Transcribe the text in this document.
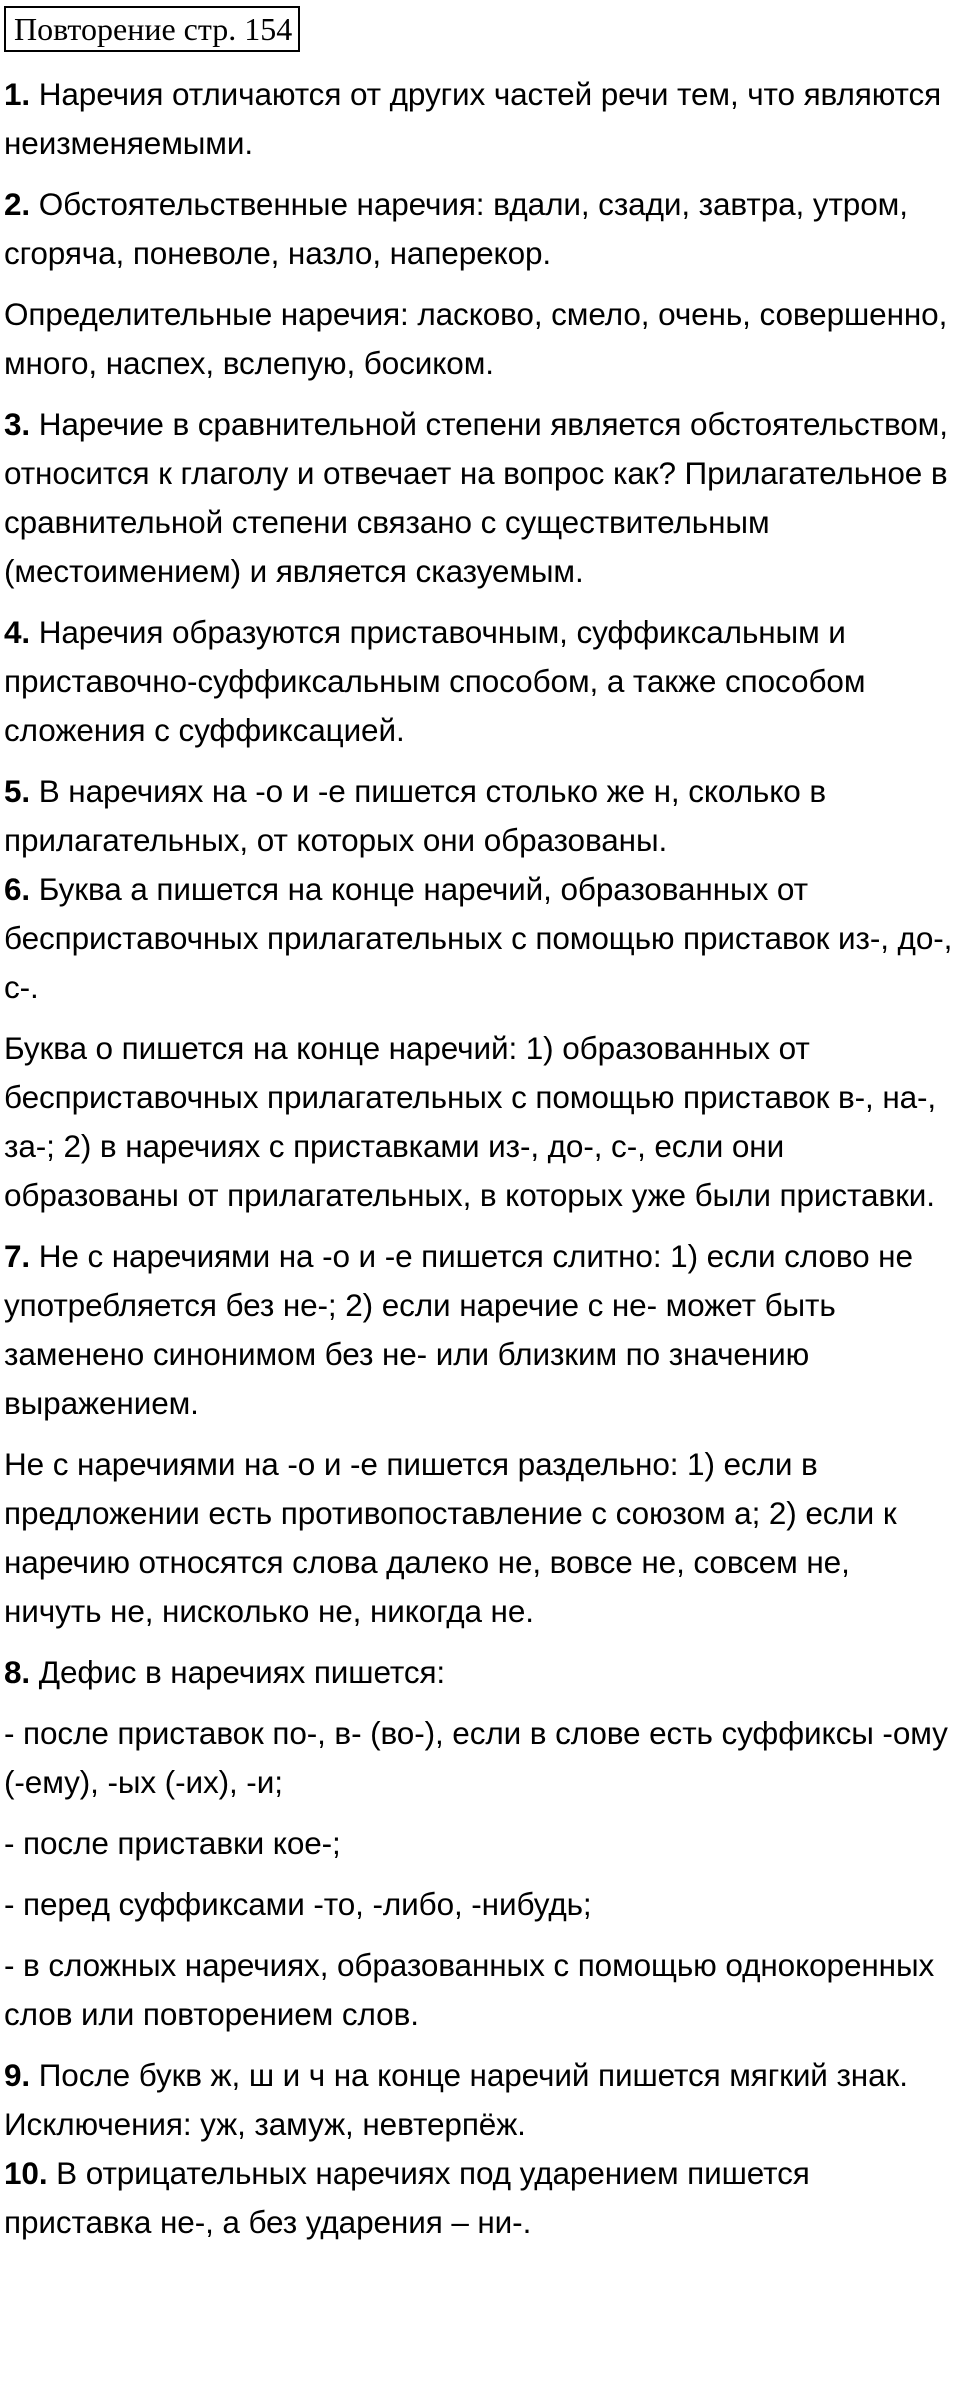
Повторение стр. 154

1. Наречия отличаются от других частей речи тем, что являются неизменяемыми.

2. Обстоятельственные наречия: вдали, сзади, завтра, утром, сгоряча, поневоле, назло, наперекор.

Определительные наречия: ласково, смело, очень, совершенно, много, наспех, вслепую, босиком.

3. Наречие в сравнительной степени является обстоятельством, относится к глаголу и отвечает на вопрос как? Прилагательное в сравнительной степени связано с существительным (местоимением) и является сказуемым.

4. Наречия образуются приставочным, суффиксальным и приставочно-суффиксальным способом, а также способом сложения с суффиксацией.

5. В наречиях на -о и -е пишется столько же н, сколько в прилагательных, от которых они образованы.

6. Буква а пишется на конце наречий, образованных от бесприставочных прилагательных с помощью приставок из-, до-, с-.

Буква о пишется на конце наречий: 1) образованных от бесприставочных прилагательных с помощью приставок в-, на-, за-; 2) в наречиях с приставками из-, до-, с-, если они образованы от прилагательных, в которых уже были приставки.

7. Не с наречиями на -о и -е пишется слитно: 1) если слово не употребляется без не-; 2) если наречие с не- может быть заменено синонимом без не- или близким по значению выражением.

Не с наречиями на -о и -е пишется раздельно: 1) если в предложении есть противопоставление с союзом а; 2) если к наречию относятся слова далеко не, вовсе не, совсем не, ничуть не, нисколько не, никогда не.

8. Дефис в наречиях пишется:

- после приставок по-, в- (во-), если в слове есть суффиксы -ому (-ему), -ых (-их), -и;

- после приставки кое-;

- перед суффиксами -то, -либо, -нибудь;

- в сложных наречиях, образованных с помощью однокоренных слов или повторением слов.

9. После букв ж, ш и ч на конце наречий пишется мягкий знак. Исключения: уж, замуж, невтерпёж.

10. В отрицательных наречиях под ударением пишется приставка не-, а без ударения – ни-.
